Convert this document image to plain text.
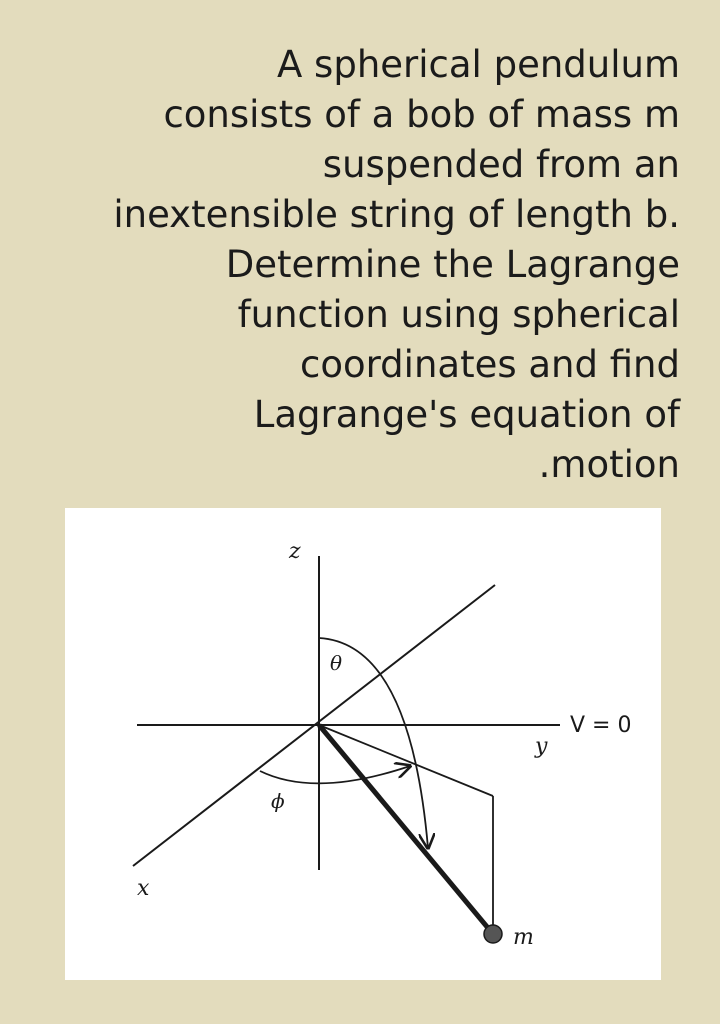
A spherical pendulum
consists of a bob of mass m
suspended from an
inextensible string of length b.
Determine the Lagrange
function using spherical
coordinates and find
Lagrange's equation of
.motion
z
θ
y
V = 0
ϕ
x
m
